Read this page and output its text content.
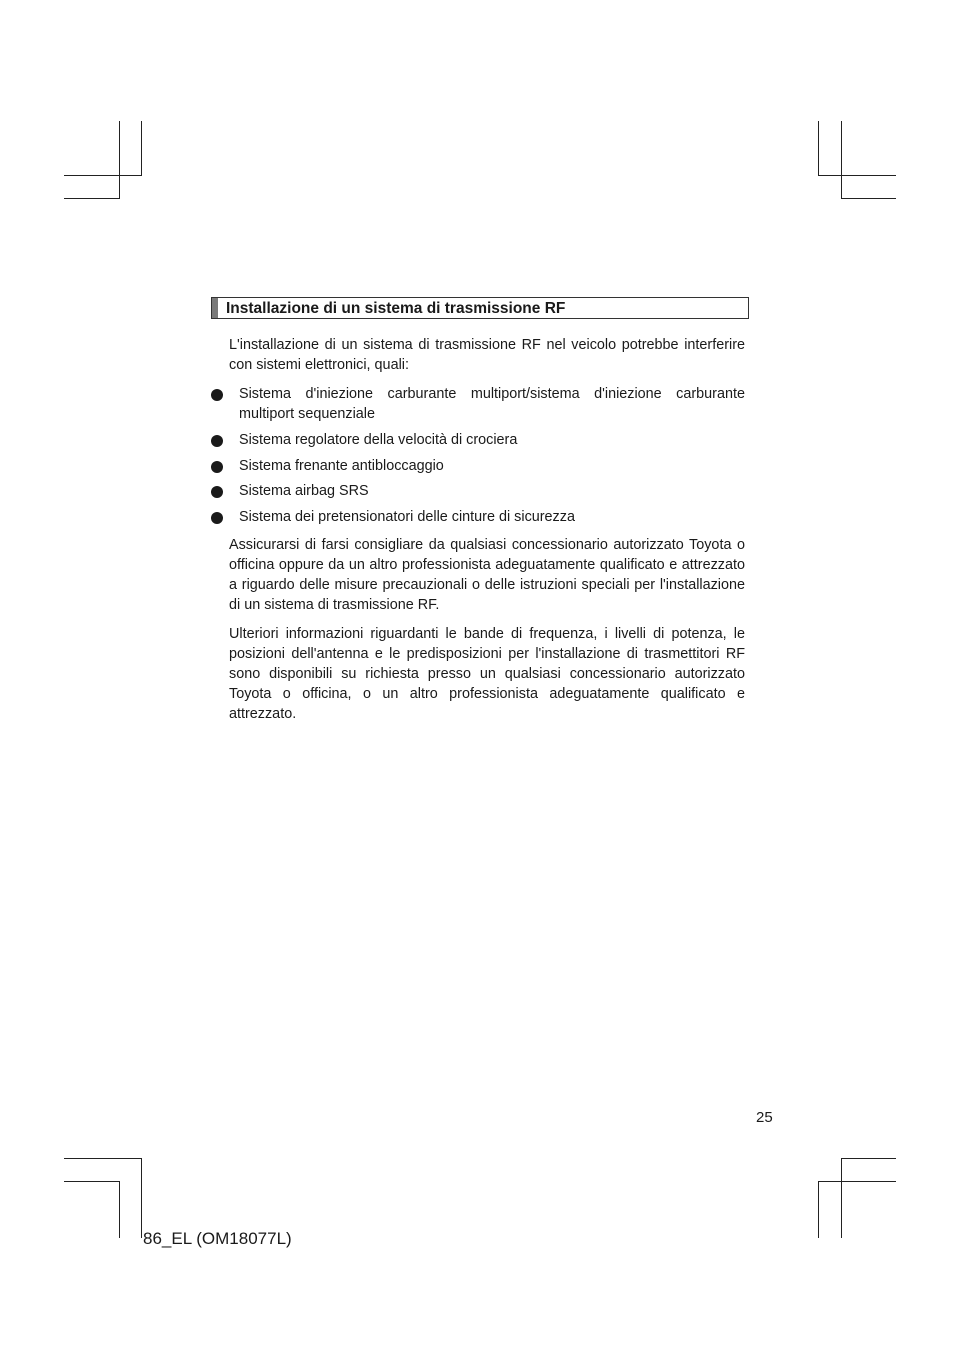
Installazione di un sistema di trasmissione RF

L'installazione di un sistema di trasmissione RF nel veicolo potrebbe interferire con sistemi elettronici, quali:

Sistema d'iniezione carburante multiport/sistema d'iniezione carburante multiport sequenziale
Sistema regolatore della velocità di crociera
Sistema frenante antibloccaggio
Sistema airbag SRS
Sistema dei pretensionatori delle cinture di sicurezza

Assicurarsi di farsi consigliare da qualsiasi concessionario autorizzato Toyota o officina oppure da un altro professionista adeguatamente qualificato e attrezzato a riguardo delle misure precauzionali o delle istruzioni speciali per l'installazione di un sistema di trasmissione RF.

Ulteriori informazioni riguardanti le bande di frequenza, i livelli di potenza, le posizioni dell'antenna e le predisposizioni per l'installazione di trasmettitori RF sono disponibili su richiesta presso un qualsiasi concessionario autorizzato Toyota o officina, o un altro professionista adeguatamente qualificato e attrezzato.

25
86_EL (OM18077L)
